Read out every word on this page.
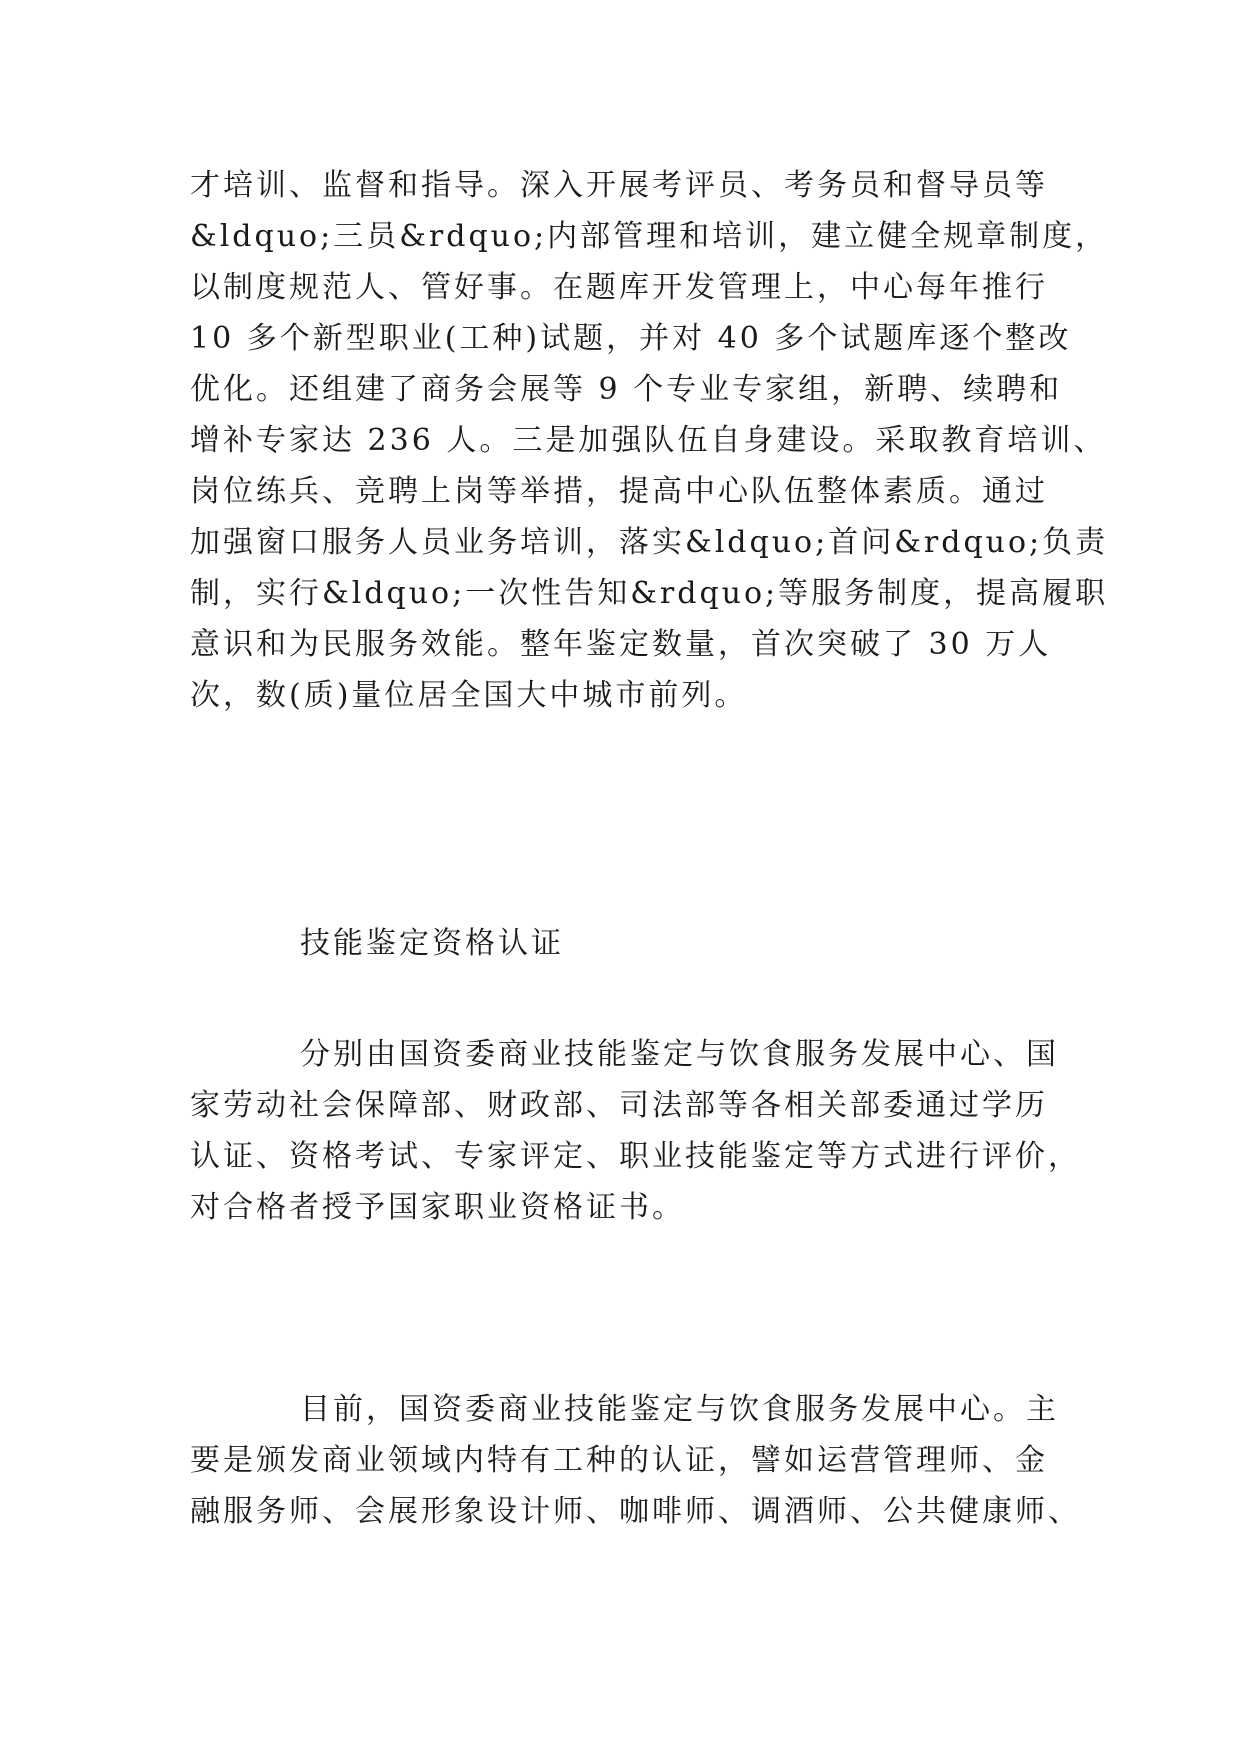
才培训、监督和指导。深入开展考评员、考务员和督导员等
&ldquo;三员&rdquo;内部管理和培训，建立健全规章制度，
以制度规范人、管好事。在题库开发管理上，中心每年推行
10 多个新型职业(工种)试题，并对 40 多个试题库逐个整改
优化。还组建了商务会展等 9 个专业专家组，新聘、续聘和
增补专家达 236 人。三是加强队伍自身建设。采取教育培训、
岗位练兵、竞聘上岗等举措，提高中心队伍整体素质。通过
加强窗口服务人员业务培训，落实&ldquo;首问&rdquo;负责
制，实行&ldquo;一次性告知&rdquo;等服务制度，提高履职
意识和为民服务效能。整年鉴定数量，首次突破了 30 万人
次，数(质)量位居全国大中城市前列。

技能鉴定资格认证

分别由国资委商业技能鉴定与饮食服务发展中心、国
家劳动社会保障部、财政部、司法部等各相关部委通过学历
认证、资格考试、专家评定、职业技能鉴定等方式进行评价，
对合格者授予国家职业资格证书。
目前，国资委商业技能鉴定与饮食服务发展中心。主
要是颁发商业领域内特有工种的认证，譬如运营管理师、金
融服务师、会展形象设计师、咖啡师、调酒师、公共健康师、
